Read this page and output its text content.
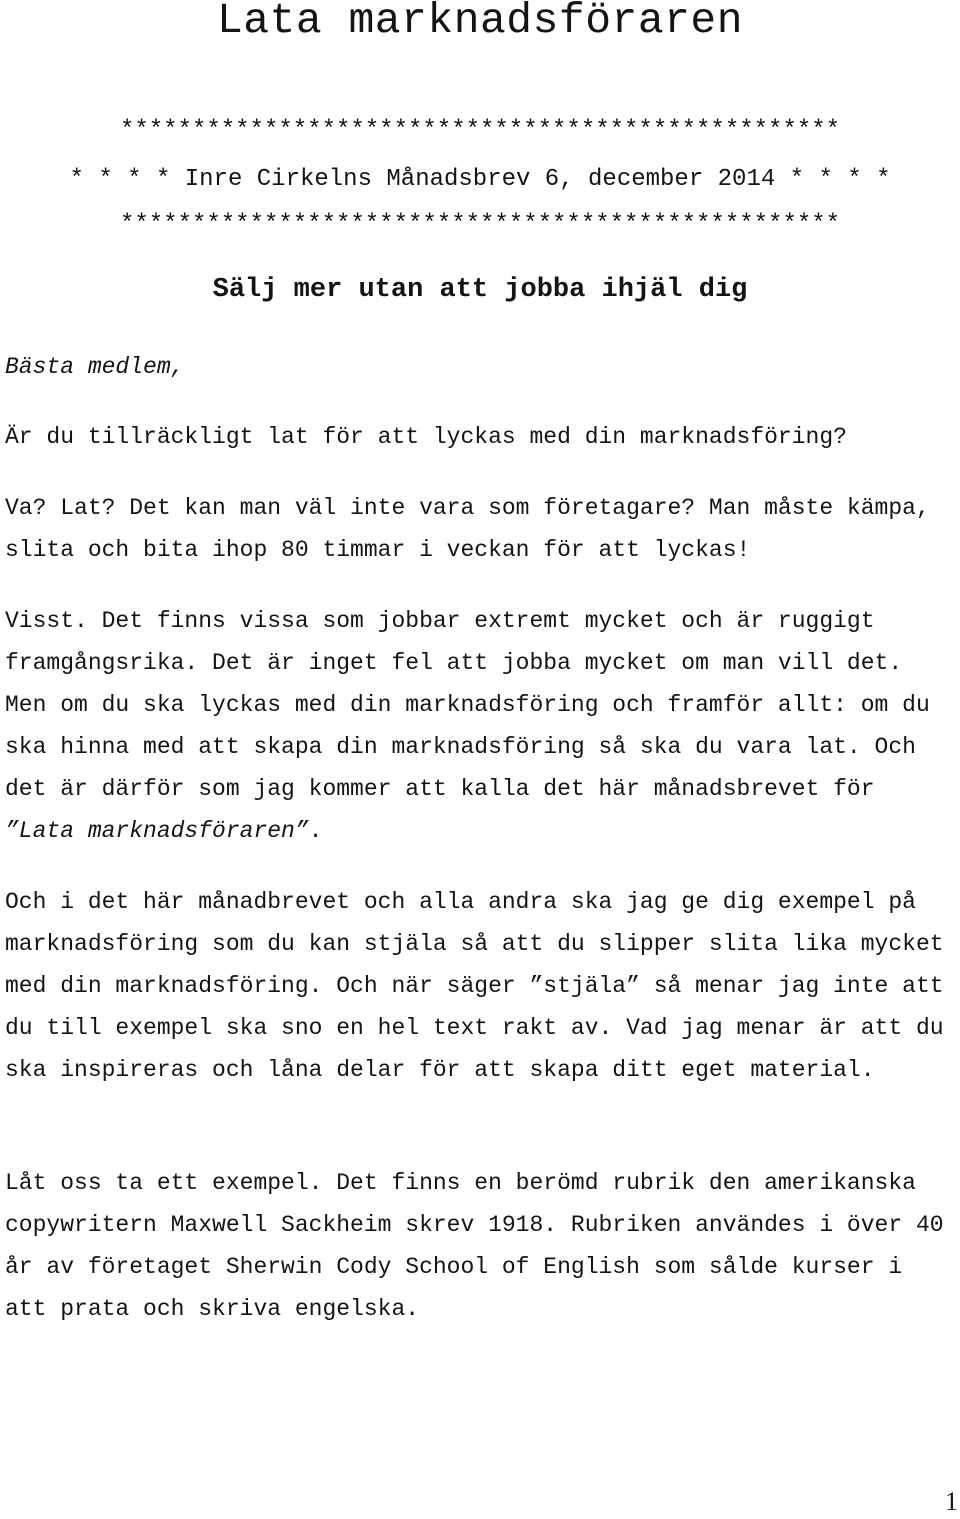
Lata marknadsföraren

**************************************************

* * * * Inre Cirkelns Månadsbrev 6, december 2014 * * * *

**************************************************

Sälj mer utan att jobba ihjäl dig

Bästa medlem,

Är du tillräckligt lat för att lyckas med din marknadsföring?

Va? Lat? Det kan man väl inte vara som företagare? Man måste kämpa, slita och bita ihop 80 timmar i veckan för att lyckas!

Visst. Det finns vissa som jobbar extremt mycket och är ruggigt framgångsrika. Det är inget fel att jobba mycket om man vill det. Men om du ska lyckas med din marknadsföring och framför allt: om du ska hinna med att skapa din marknadsföring så ska du vara lat. Och det är därför som jag kommer att kalla det här månadsbrevet för ”Lata marknadsföraren”.

Och i det här månadbrevet och alla andra ska jag ge dig exempel på marknadsföring som du kan stjäla så att du slipper slita lika mycket med din marknadsföring. Och när säger ”stjäla” så menar jag inte att du till exempel ska sno en hel text rakt av. Vad jag menar är att du ska inspireras och låna delar för att skapa ditt eget material.

Låt oss ta ett exempel. Det finns en berömd rubrik den amerikanska copywritern Maxwell Sackheim skrev 1918. Rubriken användes i över 40 år av företaget Sherwin Cody School of English som sålde kurser i att prata och skriva engelska.

1
